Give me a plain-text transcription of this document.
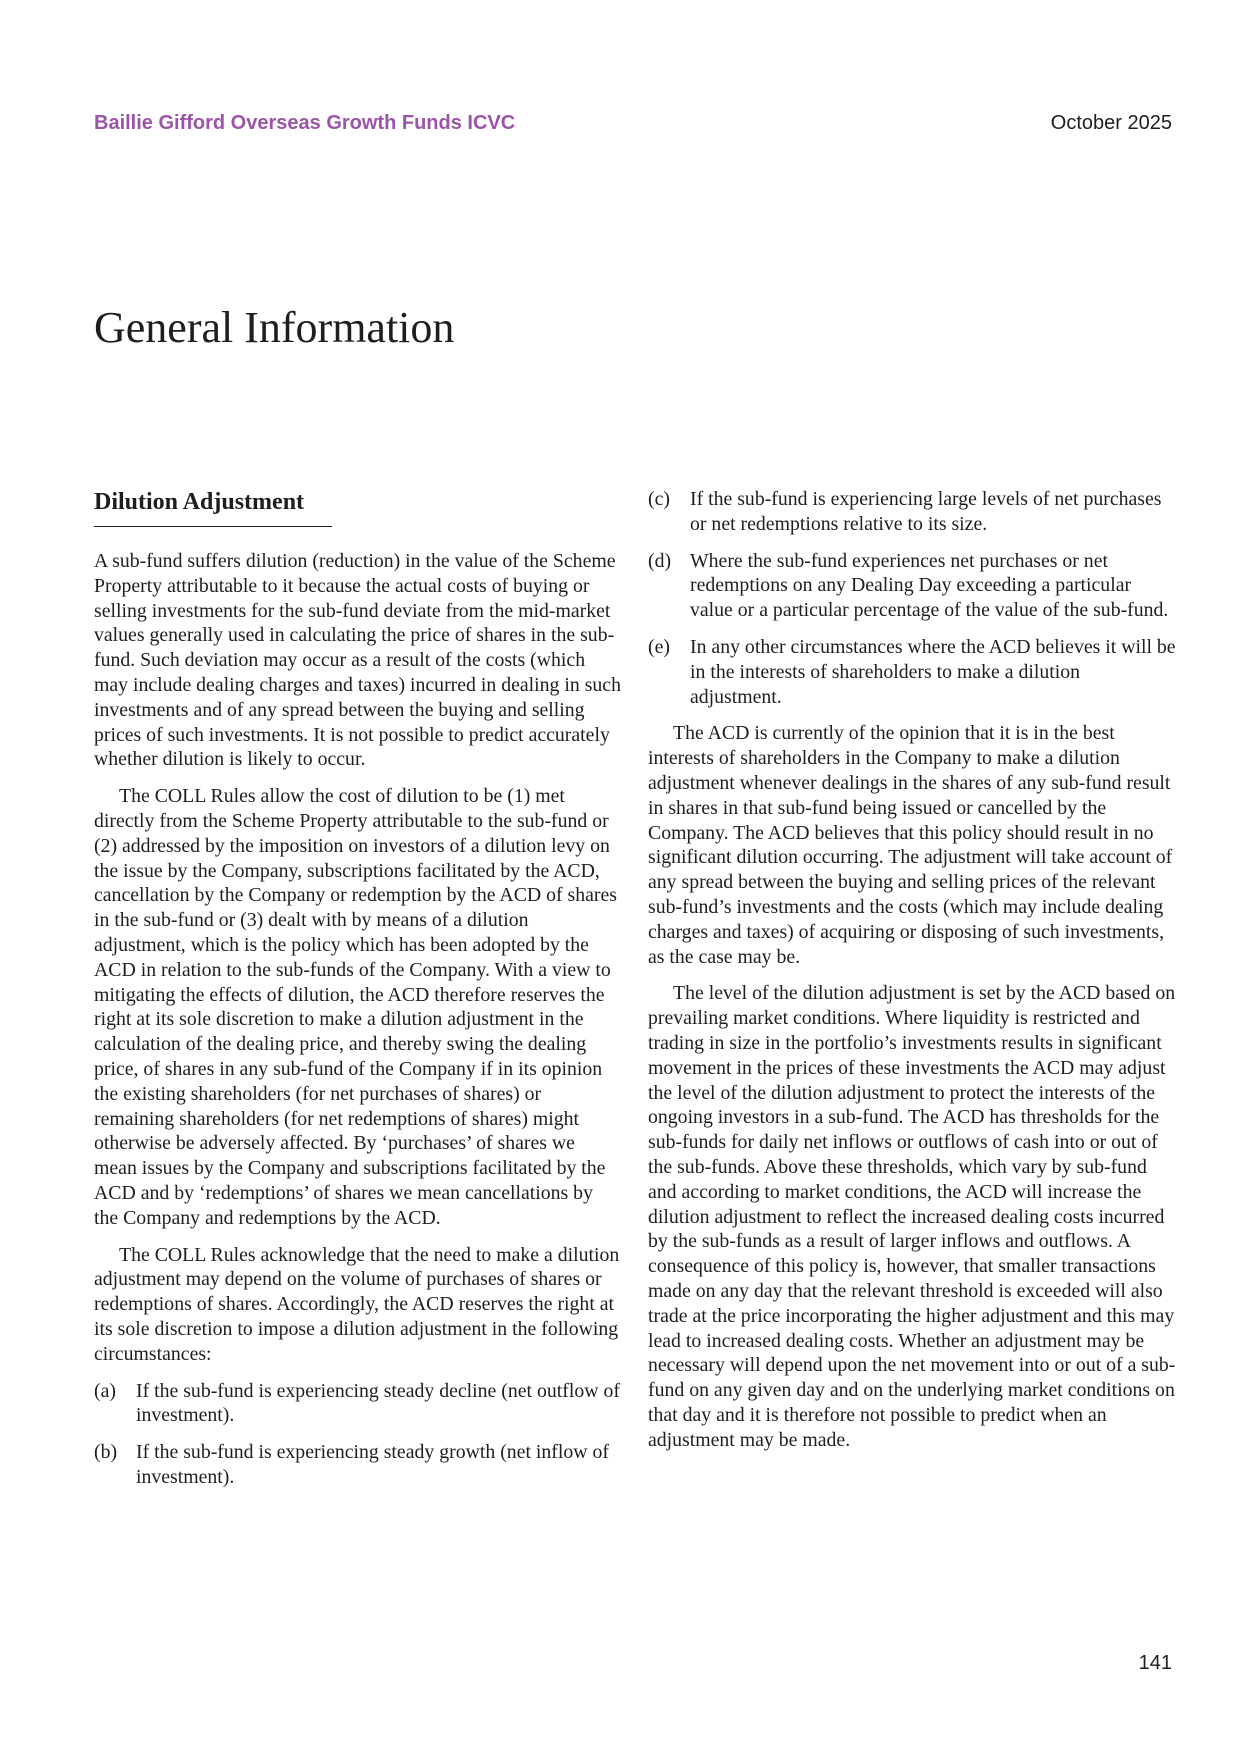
Baillie Gifford Overseas Growth Funds ICVC	October 2025
General Information
Dilution Adjustment

A sub-fund suffers dilution (reduction) in the value of the Scheme Property attributable to it because the actual costs of buying or selling investments for the sub-fund deviate from the mid-market values generally used in calculating the price of shares in the sub-fund. Such deviation may occur as a result of the costs (which may include dealing charges and taxes) incurred in dealing in such investments and of any spread between the buying and selling prices of such investments. It is not possible to predict accurately whether dilution is likely to occur.

The COLL Rules allow the cost of dilution to be (1) met directly from the Scheme Property attributable to the sub-fund or (2) addressed by the imposition on investors of a dilution levy on the issue by the Company, subscriptions facilitated by the ACD, cancellation by the Company or redemption by the ACD of shares in the sub-fund or (3) dealt with by means of a dilution adjustment, which is the policy which has been adopted by the ACD in relation to the sub-funds of the Company. With a view to mitigating the effects of dilution, the ACD therefore reserves the right at its sole discretion to make a dilution adjustment in the calculation of the dealing price, and thereby swing the dealing price, of shares in any sub-fund of the Company if in its opinion the existing shareholders (for net purchases of shares) or remaining shareholders (for net redemptions of shares) might otherwise be adversely affected. By ‘purchases’ of shares we mean issues by the Company and subscriptions facilitated by the ACD and by ‘redemptions’ of shares we mean cancellations by the Company and redemptions by the ACD.

The COLL Rules acknowledge that the need to make a dilution adjustment may depend on the volume of purchases of shares or redemptions of shares. Accordingly, the ACD reserves the right at its sole discretion to impose a dilution adjustment in the following circumstances:

(a)	If the sub-fund is experiencing steady decline (net outflow of investment).
(b) If the sub-fund is experiencing steady growth (net inflow of investment).
(c)	If the sub-fund is experiencing large levels of net purchases or net redemptions relative to its size.
(d) Where the sub-fund experiences net purchases or net redemptions on any Dealing Day exceeding a particular value or a particular percentage of the value of the sub-fund.
(e)	In any other circumstances where the ACD believes it will be in the interests of shareholders to make a dilution adjustment.

The ACD is currently of the opinion that it is in the best interests of shareholders in the Company to make a dilution adjustment whenever dealings in the shares of any sub-fund result in shares in that sub-fund being issued or cancelled by the Company. The ACD believes that this policy should result in no significant dilution occurring. The adjustment will take account of any spread between the buying and selling prices of the relevant sub-fund’s investments and the costs (which may include dealing charges and taxes) of acquiring or disposing of such investments, as the case may be.

The level of the dilution adjustment is set by the ACD based on prevailing market conditions. Where liquidity is restricted and trading in size in the portfolio’s investments results in significant movement in the prices of these investments the ACD may adjust the level of the dilution adjustment to protect the interests of the ongoing investors in a sub-fund. The ACD has thresholds for the sub-funds for daily net inflows or outflows of cash into or out of the sub-funds. Above these thresholds, which vary by sub-fund and according to market conditions, the ACD will increase the dilution adjustment to reflect the increased dealing costs incurred by the sub-funds as a result of larger inflows and outflows. A consequence of this policy is, however, that smaller transactions made on any day that the relevant threshold is exceeded will also trade at the price incorporating the higher adjustment and this may lead to increased dealing costs. Whether an adjustment may be necessary will depend upon the net movement into or out of a sub-fund on any given day and on the underlying market conditions on that day and it is therefore not possible to predict when an adjustment may be made.

141
